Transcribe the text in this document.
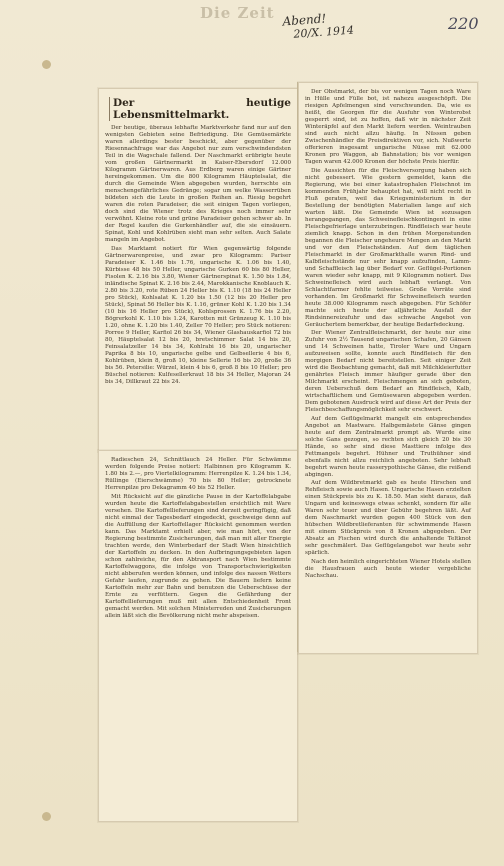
Die Zeit Abend!
20/X. 1914	220
Der heutige Lebensmittelmarkt.

Der heutige, überaus lebhafte Marktverkehr fand nur auf den wenigsten Gebieten seine Befriedigung. Die Gemüsemärkte waren allerdings bester beschickt, aber gegenüber der Riesennachfrage war das Angebot nur zum verschwindendsten Teil in die Wagschale fallend. Der Naschmarkt erübrigte heute vom großen Gärtnermarkt in Kaiser-Ebersdorf 12.000 Kilogramm Gärtnerwaren. Aus Erdberg waren einige Gärtner hereingekommen. Um die 800 Kilogramm Häuptelsalat, die durch die Gemeinde Wien abgegeben wurden, herrschte ein menschengefährliches Gedränge; sogar um welke Wasserrüben bildeten sich die Leute in großen Reihen an. Riesig begehrt waren die roten Paradeiser, die seit einigen Tagen vorliegen, doch sind die Wiener trotz des Krieges noch immer sehr verwöhnt. Kleine rote und grüne Paradeiser gehen schwer ab. In der Regel kaufen die Gurkenhändler auf, die sie einsäuern. Spinat, Kohl und Kohlrüben sieht man sehr selten. Auch Salate mangeln im Angebot.

Das Marktamt notiert für Wien gegenwärtig folgende Gärtnerwarenpreise, und zwar pro Kilogramm: Pariser Paradeiser K. 1.46 bis 1.76, ungarische K. 1.06 bis 1.40, Kürbisse 48 bis 50 Heller, ungarische Gurken 60 bis 80 Heller, Fisolen K. 2.16 bis 3.80, Wiener Gärtnerspinat K. 1.50 bis 1.84, inländische Spinat K. 2.16 bis 2.44, Marokkanische Knoblauch K. 2.80 bis 3.20, rote Rüben 24 Heller bis K. 1.10 (18 bis 24 Heller pro Stück), Kohlsalat K. 1.20 bis 1.50 (12 bis 20 Heller pro Stück), Spinat 56 Heller bis K. 1.16, grüner Kohl K. 1.20 bis 1.34 (10 bis 16 Heller pro Stück), Kohlsprossen K. 1.76 bis 2.20, Bögrerkohl K. 1.10 bis 1.24, Karotten mit Grünzeug K. 1.10 bis 1.20, ohne K. 1.20 bis 1.40, Zeller 70 Heller; pro Stück notieren: Porree 9 Heller, Karfiol 26 bis 34, Wiener Glashauskarfiol 72 bis 80, Häuptelsalat 12 bis 20, bretschimmer Salat 14 bis 20, Feinsalatzeller 14 bis 34, Kohlrabi 16 bis 20, ungarischer Paprika 8 bis 10, ungarische gelbe und Gelbsellerie 4 bis 6, Kohlrüben, klein 8, groß 10, kleine Sellerie 16 bis 20, große 36 bis 56. Petersilie: Würzel, klein 4 bis 6, groß 8 bis 10 Heller; pro Büschel notieren: Kulfesellerkraut 18 bis 34 Heller, Majoran 24 bis 34, Dillkraut 22 bis 24.

Radieschen 24, Schnittlauch 24 Heller. Für Schwämme werden folgende Preise notiert: Halbinnen pro Kilogramm K. 1.80 bis 2.—, pro Viertelkilogramm: Herrenpilze K. 1.24 bis 1.34, Rüllinge (Eierschwämme) 70 bis 80 Heller; getrocknete Herrenpilze pro Dekagramm 40 bis 52 Heller.

Mit Rücksicht auf die gänzliche Pause in der Kartoffelabgabe wurden heute die Kartoffelabgabestellen ersichtlich mit Ware versehen. Die Kartoffellieferungen sind derzeit geringfügig, daß nicht einmal der Tagesbedarf eingedeckt, geschweige denn auf die Auffüllung der Kartoffellager Rücksicht genommen werden kann. Das Marktamt erhielt aber, wie man hört, von der Regierung bestimmte Zusicherungen, daß man mit aller Energie trachten werde, den Winterbedarf der Stadt Wien hinsichtlich der Kartoffeln zu decken. In den Aufbringungsgebieten lagen schon zahlreiche, für den Abtransport nach Wien bestimmte Kartoffelwaggons, die infolge von Transportschwierigkeiten nicht abberufen werden können, und infolge des nassen Wetters Gefahr laufen, zugrunde zu gehen. Die Bauern liefern keine Kartoffeln mehr zur Bahn und benutzen die Ueberschüsse der Ernte zu verfüttern. Gegen die Gefährdung der Kartoffellieferungen muß mit allen Entschiedenheit Front gemacht werden. Mit solchen Ministerreden und Zusicherungen allein läßt sich die Bevölkerung nicht mehr abspeisen.

Der Obstmarkt, der bis vor wenigen Tagen noch Ware in Hülle und Fülle bot, ist nahezu ausgeschöpft. Die riesigen Apfelmengen sind verschwunden. Da, wie es heißt, die Georgen für die Ausfuhr von Winterobst gesperrt sind, ist zu hoffen, daß wir in nächster Zeit Winteräpfel auf den Markt liefern werden. Weintrauben sind auch nicht allzu häufig. In Nüssen geben Zwischenhändler die Preisdirektiven vor, sich. Nußwerte offerieren insgesamt ungarische Nüsse mit 62.000 Kronen pro Waggon, ab Bahnstation; bis vor wenigen Tagen waren 42.000 Kronen der höchste Preis hierfür.

Die Aussichten für die Fleischversorgung haben sich nicht gebessert. Wie gestern gemeldet, kann die Regierung, wie bei einer katastrophalen Fleischnot im kommenden Frühjahr behauptet hat, will nicht recht in Fluß geraten, weil das Kriegsministerium in der Bestellung der benötigten Materialien lange auf sich warten läßt. Die Gemeinde Wien ist sozusagen herangegangen, das Schweinefleischkontingent in eine Fleischgefrierlage unterzubringen. Rindfleisch war heute ziemlich knapp. Schon in den frühen Morgenstunden begannen die Fleischer ungeheure Mengen an den Markt und vor den Fleischständen. Auf dem täglichen Fleischmarkt in der Großmarkthalle waren Rind- und Kalbfleischstände nur sehr knapp aufzufinden, Lamm- und Schaffleisch lag über Bedarf vor. Geflügel-Portionen waren wieder sehr knapp, mit 9 Kilogramm notiert. Das Schweinefleisch wird auch lebhaft verlangt. Von Schlachtfarmer fehlte teilweise. Große Vorräte sind vorhanden. Im Großmarkt für Schweinefleisch wurden heute 38.000 Kilogramm rasch abgegeben. Für Schöfer machte sich heute der alljährliche Ausfall der Rindsinnereizufuhr und das schwache Angebot von Geräuchertem bemerkbar, der heutige Bedarfsdeckung.

Der Wiener Zentralfleischmarkt, der heute nur eine Zufuhr von 2½ Tausend ungarischen Schafen, 20 Gänsen und 14 Schweinen hatte, Tiroler Ware und Ungarn aufzuweisen sollte, konnte auch Rindfleisch für den morgigen Bedarf nicht bereitstellen. Seit einiger Zeit wird die Beobachtung gemacht, daß mit Milchkleierfutter genährtes Fleisch immer häufiger gerade über den Milchmarkt erscheint. Fleischmengen an sich geboten, deren Ueberschuß dem Bedarf an Rindfleisch, Kalb, wirtschaftlichem und Gemüsewaren abgegeben werden. Dem gebotenen Ausdruck wird auf diese Art der Preis der Fleischbeschaffungsmöglichkeit sehr erschwert.

Auf dem Geflügelmarkt mangelt ein entsprechendes Angebot an Mastware. Halbgemästete Gänse gingen heute auf dem Zentralmarkt prompt ab. Wurde eine solche Gans gezogen, so rechten sich gleich 20 bis 30 Hände, so sehr sind diese Masttiere infolge des Fettmangels begehrt. Hühner und Truthühner sind ebenfalls nicht allzu reichlich angeboten. Sehr lebhaft begehrt waren heute rasserypothische Gänse, die reißend abgingen.

Auf dem Wildbretmarkt gab es heute Hirschen und Rehfleisch sowie auch Hasen. Ungarische Hasen erzielten einen Stückpreis bis zu K. 18.50. Man sieht daraus, daß Ungarn und keineswegs etwas schenkt, sondern für alle Waren sehr teuer und über Gebühr begehren läßt. Auf dem Naschmarkt wurden gegen 400 Stück von den hübschen Wildbretlieferanten für schwimmende Hasen mit einem Stückpreis von 8 Kronen abgegeben. Der Absatz an Fischen wird durch die anhaltende Teltknot sehr geschmälert. Das Geflügelangebot war heute sehr spärlich.

Nach den heimlich eingerichteten Wiener Hotels stellen die Hausfrauen auch heute wieder vergebliche Nachschau.
